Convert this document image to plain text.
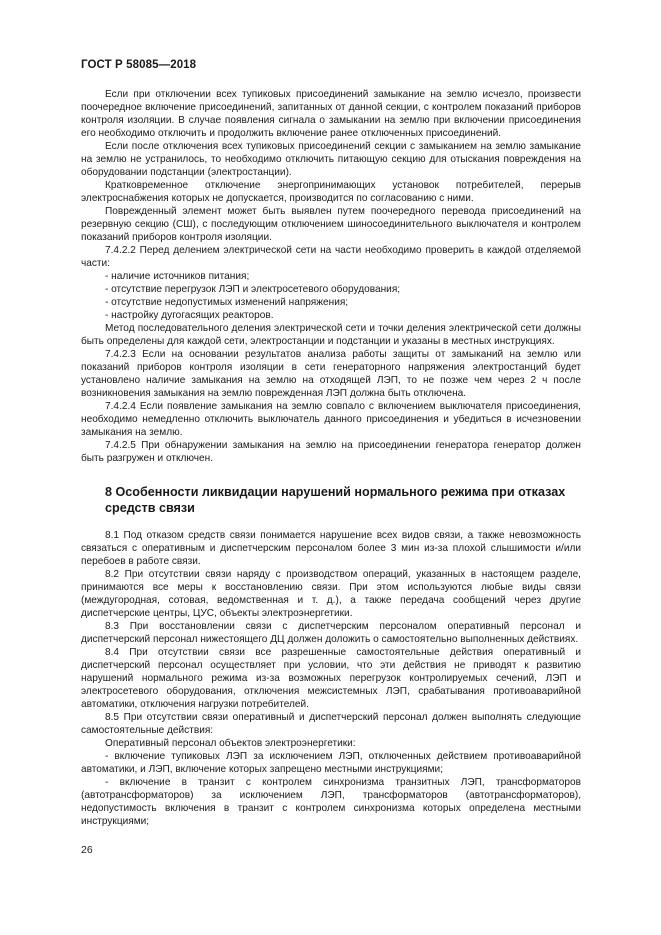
ГОСТ Р 58085—2018

Если при отключении всех тупиковых присоединений замыкание на землю исчезло, произвести поочередное включение присоединений, запитанных от данной секции, с контролем показаний приборов контроля изоляции. В случае появления сигнала о замыкании на землю при включении присоединения его необходимо отключить и продолжить включение ранее отключенных присоединений.

Если после отключения всех тупиковых присоединений секции с замыканием на землю замыкание на землю не устранилось, то необходимо отключить питающую секцию для отыскания повреждения на оборудовании подстанции (электростанции).

Кратковременное отключение энергопринимающих установок потребителей, перерыв электроснабжения которых не допускается, производится по согласованию с ними.

Поврежденный элемент может быть выявлен путем поочередного перевода присоединений на резервную секцию (СШ), с последующим отключением шиносоединительного выключателя и контролем показаний приборов контроля изоляции.

7.4.2.2 Перед делением электрической сети на части необходимо проверить в каждой отделяемой части:

- наличие источников питания;

- отсутствие перегрузок ЛЭП и электросетевого оборудования;

- отсутствие недопустимых изменений напряжения;

- настройку дугогасящих реакторов.

Метод последовательного деления электрической сети и точки деления электрической сети должны быть определены для каждой сети, электростанции и подстанции и указаны в местных инструкциях.

7.4.2.3 Если на основании результатов анализа работы защиты от замыканий на землю или показаний приборов контроля изоляции в сети генераторного напряжения электростанций будет установлено наличие замыкания на землю на отходящей ЛЭП, то не позже чем через 2 ч после возникновения замыкания на землю поврежденная ЛЭП должна быть отключена.

7.4.2.4 Если появление замыкания на землю совпало с включением выключателя присоединения, необходимо немедленно отключить выключатель данного присоединения и убедиться в исчезновении замыкания на землю.

7.4.2.5 При обнаружении замыкания на землю на присоединении генератора генератор должен быть разгружен и отключен.

8 Особенности ликвидации нарушений нормального режима при отказах средств связи

8.1 Под отказом средств связи понимается нарушение всех видов связи, а также невозможность связаться с оперативным и диспетчерским персоналом более 3 мин из-за плохой слышимости и/или перебоев в работе связи.

8.2 При отсутствии связи наряду с производством операций, указанных в настоящем разделе, принимаются все меры к восстановлению связи. При этом используются любые виды связи (междугородная, сотовая, ведомственная и т. д.), а также передача сообщений через другие диспетчерские центры, ЦУС, объекты электроэнергетики.

8.3 При восстановлении связи с диспетчерским персоналом оперативный персонал и диспетчерский персонал нижестоящего ДЦ должен доложить о самостоятельно выполненных действиях.

8.4 При отсутствии связи все разрешенные самостоятельные действия оперативный и диспетчерский персонал осуществляет при условии, что эти действия не приводят к развитию нарушений нормального режима из-за возможных перегрузок контролируемых сечений, ЛЭП и электросетевого оборудования, отключения межсистемных ЛЭП, срабатывания противоаварийной автоматики, отключения нагрузки потребителей.

8.5 При отсутствии связи оперативный и диспетчерский персонал должен выполнять следующие самостоятельные действия:

Оперативный персонал объектов электроэнергетики:

- включение тупиковых ЛЭП за исключением ЛЭП, отключенных действием противоаварийной автоматики, и ЛЭП, включение которых запрещено местными инструкциями;

- включение в транзит с контролем синхронизма транзитных ЛЭП, трансформаторов (автотрансформаторов) за исключением ЛЭП, трансформаторов (автотрансформаторов), недопустимость включения в транзит с контролем синхронизма которых определена местными инструкциями;

26
